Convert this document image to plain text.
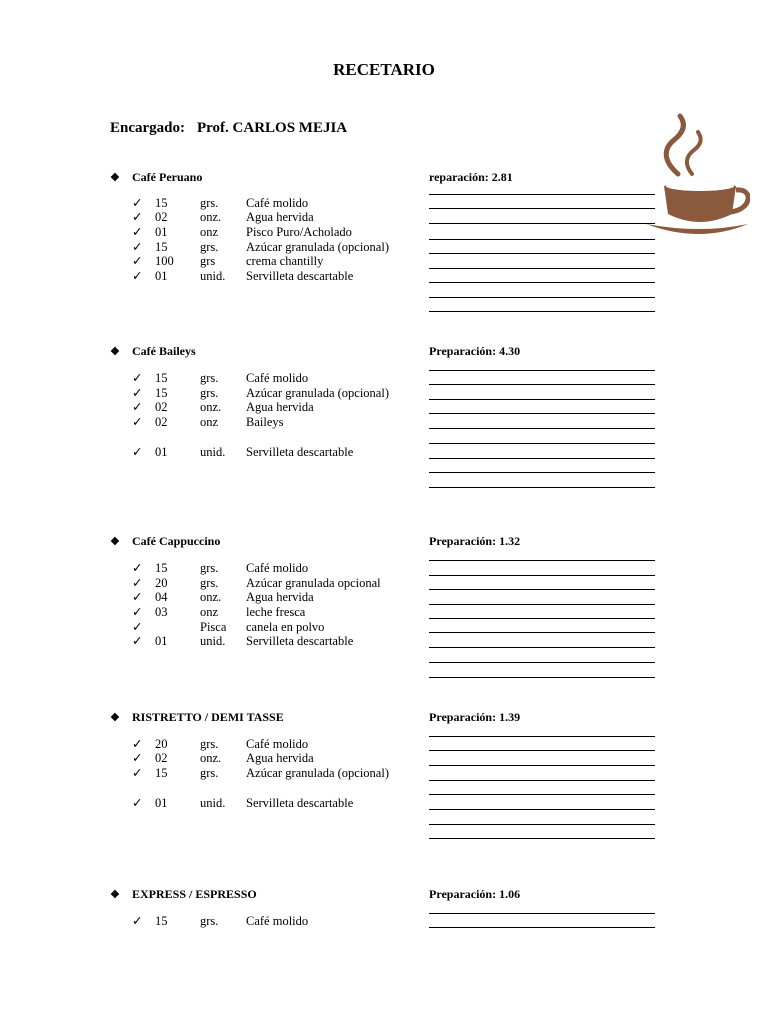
RECETARIO
Encargado: Prof. CARLOS MEJIA
❖ Café Peruano	reparación: 2.81
✓ 15	grs. Café molido
✓ 02	onz. Agua hervida
✓ 01	onz Pisco Puro/Acholado
✓ 15	grs. Azúcar granulada (opcional)
✓ 100 grs crema chantilly
✓ 01	unid. Servilleta descartable
❖ Café Baileys	Preparación: 4.30
✓ 15	grs. Café molido
✓ 15	grs. Azúcar granulada (opcional)
✓ 02	onz. Agua hervida
✓ 02	onz Baileys
✓ 01	unid. Servilleta descartable
❖ Café Cappuccino	Preparación: 1.32
✓ 15	grs. Café molido
✓ 20	grs. Azúcar granulada opcional
✓ 04	onz. Agua hervida
✓ 03	onz leche fresca
✓	Pisca canela en polvo
✓ 01	unid. Servilleta descartable
❖ RISTRETTO / DEMI TASSE	Preparación: 1.39
✓ 20	grs. Café molido
✓ 02	onz. Agua hervida
✓ 15	grs. Azúcar granulada (opcional)
✓ 01	unid. Servilleta descartable
❖ EXPRESS / ESPRESSO	Preparación: 1.06
✓ 15	grs. Café molido
